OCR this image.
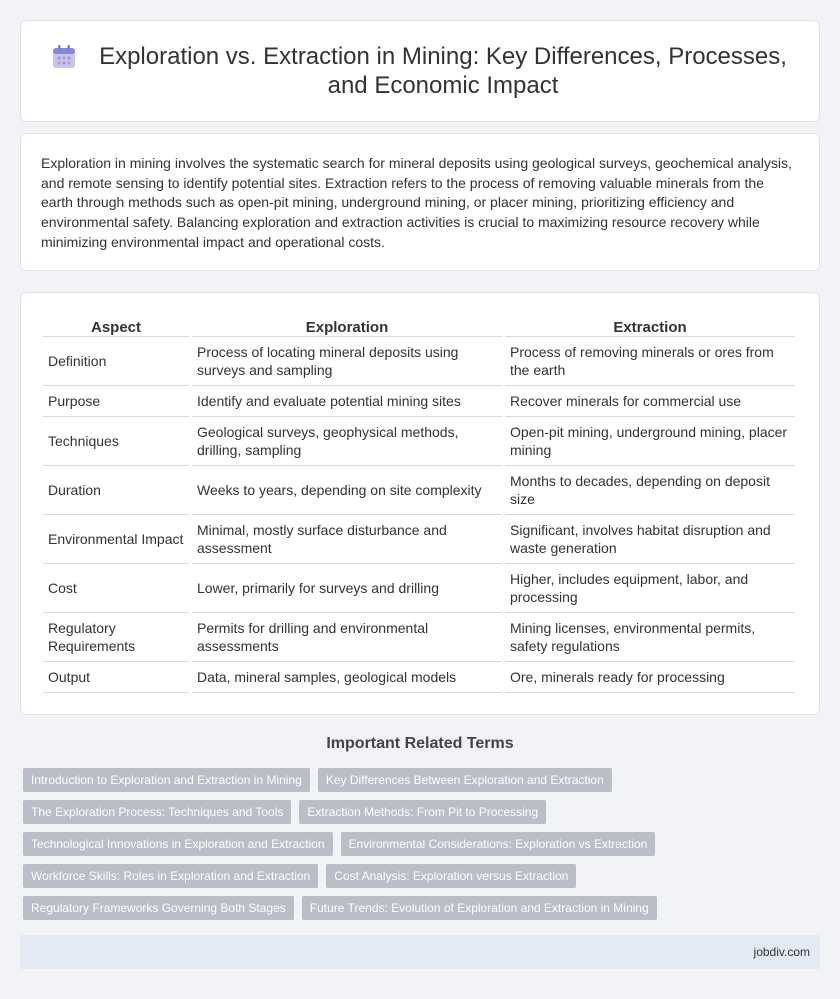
Exploration vs. Extraction in Mining: Key Differences, Processes, and Economic Impact

Exploration in mining involves the systematic search for mineral deposits using geological surveys, geochemical analysis, and remote sensing to identify potential sites. Extraction refers to the process of removing valuable minerals from the earth through methods such as open-pit mining, underground mining, or placer mining, prioritizing efficiency and environmental safety. Balancing exploration and extraction activities is crucial to maximizing resource recovery while minimizing environmental impact and operational costs.

Aspect	Exploration	Extraction
Definition	Process of locating mineral deposits using surveys and sampling	Process of removing minerals or ores from the earth
Purpose	Identify and evaluate potential mining sites	Recover minerals for commercial use
Techniques	Geological surveys, geophysical methods, drilling, sampling	Open-pit mining, underground mining, placer mining
Duration	Weeks to years, depending on site complexity	Months to decades, depending on deposit size
Environmental Impact	Minimal, mostly surface disturbance and assessment	Significant, involves habitat disruption and waste generation
Cost	Lower, primarily for surveys and drilling	Higher, includes equipment, labor, and processing
Regulatory Requirements	Permits for drilling and environmental assessments	Mining licenses, environmental permits, safety regulations
Output	Data, mineral samples, geological models	Ore, minerals ready for processing
Important Related Terms
Introduction to Exploration and Extraction in Mining	Key Differences Between Exploration and Extraction
The Exploration Process: Techniques and Tools	Extraction Methods: From Pit to Processing
Technological Innovations in Exploration and Extraction	Environmental Considerations: Exploration vs Extraction
Workforce Skills: Roles in Exploration and Extraction	Cost Analysis: Exploration versus Extraction
Regulatory Frameworks Governing Both Stages	Future Trends: Evolution of Exploration and Extraction in Mining
jobdiv.com
